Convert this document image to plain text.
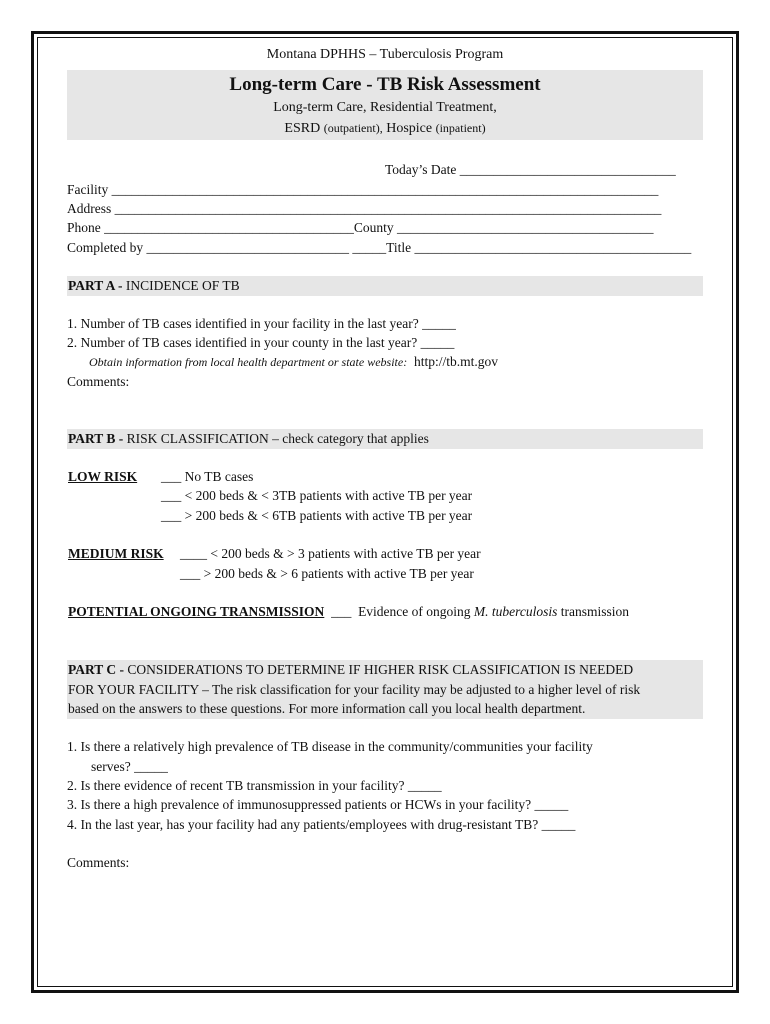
Montana DPHHS – Tuberculosis Program
Long-term Care - TB Risk Assessment
Long-term Care, Residential Treatment,
ESRD (outpatient), Hospice (inpatient)
Today’s Date ________________________________
Facility _________________________________________________________________________________
Address _________________________________________________________________________________
Phone _____________________________________County ______________________________________
Completed by ______________________________ _____Title _________________________________________
PART A - INCIDENCE OF TB
1. Number of TB cases identified in your facility in the last year? _____
2. Number of TB cases identified in your county in the last year? _____
Obtain information from local health department or state website: http://tb.mt.gov
Comments:
PART B - RISK CLASSIFICATION – check category that applies
LOW RISK ___ No TB cases
___ < 200 beds & < 3TB patients with active TB per year
___ > 200 beds & < 6TB patients with active TB per year
MEDIUM RISK ____ < 200 beds & > 3 patients with active TB per year
___ > 200 beds & > 6 patients with active TB per year
POTENTIAL ONGOING TRANSMISSION ___ Evidence of ongoing M. tuberculosis transmission
PART C - CONSIDERATIONS TO DETERMINE IF HIGHER RISK CLASSIFICATION IS NEEDED
FOR YOUR FACILITY – The risk classification for your facility may be adjusted to a higher level of risk
based on the answers to these questions. For more information call you local health department.
1. Is there a relatively high prevalence of TB disease in the community/communities your facility
serves? _____
2. Is there evidence of recent TB transmission in your facility? _____
3. Is there a high prevalence of immunosuppressed patients or HCWs in your facility? _____
4. In the last year, has your facility had any patients/employees with drug-resistant TB? _____
Comments:
